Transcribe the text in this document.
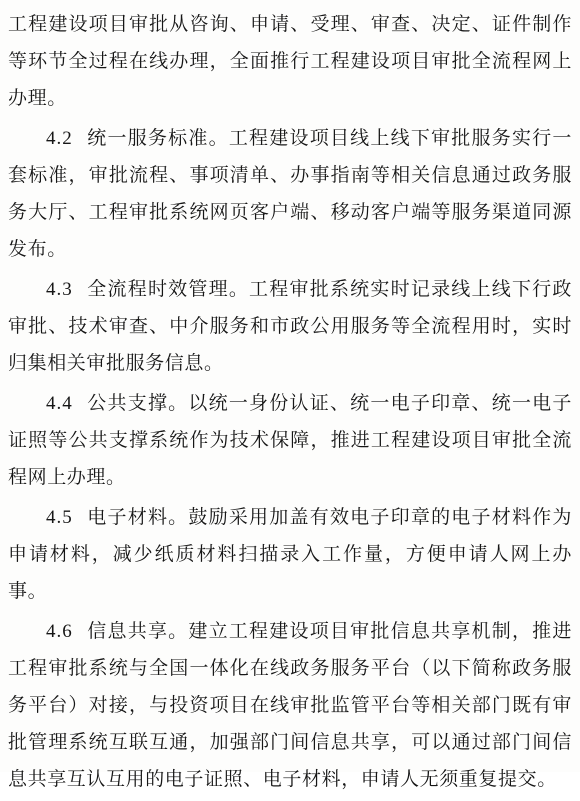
工程建设项目审批从咨询、申请、受理、审查、决定、证件制作等环节全过程在线办理，全面推行工程建设项目审批全流程网上办理。

4.2 统一服务标准。工程建设项目线上线下审批服务实行一套标准，审批流程、事项清单、办事指南等相关信息通过政务服务大厅、工程审批系统网页客户端、移动客户端等服务渠道同源发布。

4.3 全流程时效管理。工程审批系统实时记录线上线下行政审批、技术审查、中介服务和市政公用服务等全流程用时，实时归集相关审批服务信息。

4.4 公共支撑。以统一身份认证、统一电子印章、统一电子证照等公共支撑系统作为技术保障，推进工程建设项目审批全流程网上办理。

4.5 电子材料。鼓励采用加盖有效电子印章的电子材料作为申请材料，减少纸质材料扫描录入工作量，方便申请人网上办事。

4.6 信息共享。建立工程建设项目审批信息共享机制，推进工程审批系统与全国一体化在线政务服务平台（以下简称政务服务平台）对接，与投资项目在线审批监管平台等相关部门既有审批管理系统互联互通，加强部门间信息共享，可以通过部门间信息共享互认互用的电子证照、电子材料，申请人无须重复提交。
